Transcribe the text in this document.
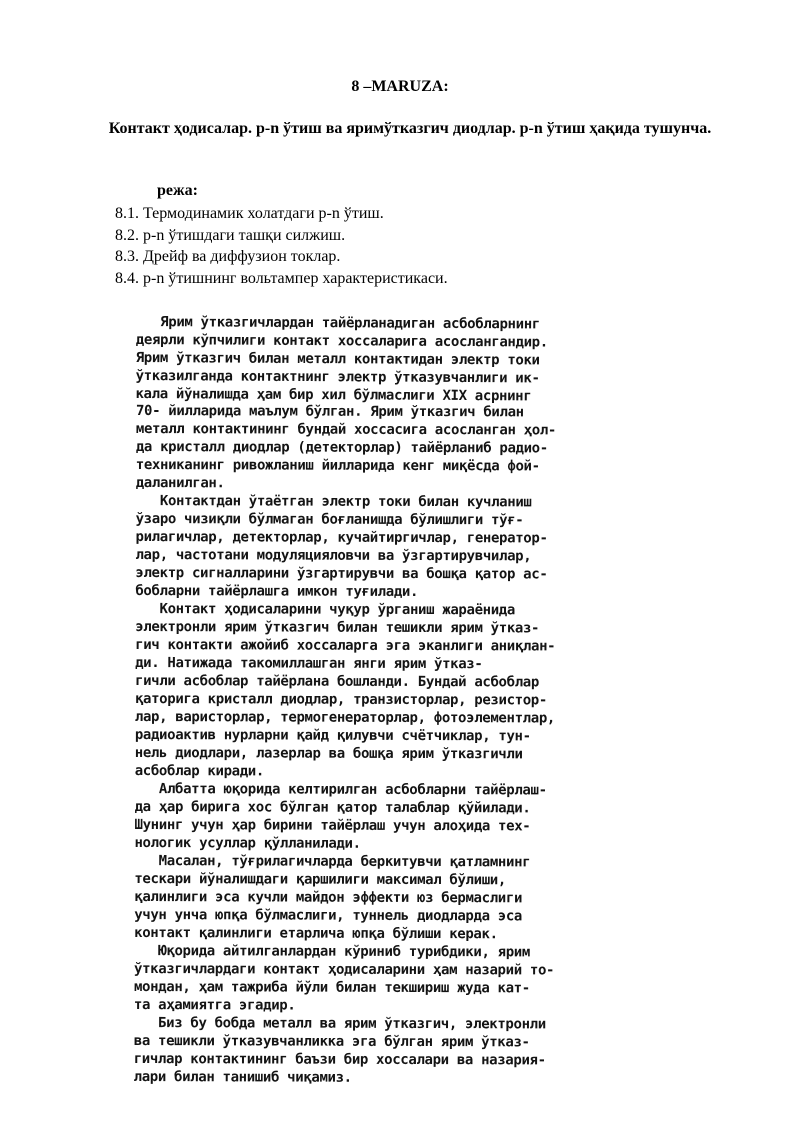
8 –MARUZA:
Контакт ҳодисалар. p-n ўтиш ва яримўтказгич диодлар. p-n ўтиш ҳақида тушунча.
режа:
8.1. Термодинамик холатдаги p-n ўтиш.
8.2. p-n ўтишдаги ташқи силжиш.
8.3. Дрейф ва диффузион токлар.
8.4. p-n ўтишнинг вольтампер характеристикаси.
Ярим ўтказгичлардан тайёрланадиган асбобларнинг
деярли кўпчилиги контакт хоссаларига асослангандир.
Ярим ўтказгич билан металл контактидан электр токи
ўтказилганда контактнинг электр ўтказувчанлиги ик-
кала йўналишда ҳам бир хил бўлмаслиги XIX асрнинг
70- йилларида маълум бўлган. Ярим ўтказгич билан
металл контактининг бундай хоссасига асосланган ҳол-
да кристалл диодлар (детекторлар) тайёрланиб радио-
техниканинг ривожланиш йилларида кенг миқёсда фой-
даланилган.
Контактдан ўтаётган электр токи билан кучланиш
ўзаро чизиқли бўлмаган боғланишда бўлишлиги тўғ-
рилагичлар, детекторлар, кучайтиргичлар, генератор-
лар, частотани модуляцияловчи ва ўзгартирувчилар,
электр сигналларини ўзгартирувчи ва бошқа қатор ас-
бобларни тайёрлашга имкон туғилади.
Контакт ҳодисаларини чуқур ўрганиш жараёнида
электронли ярим ўтказгич билан тешикли ярим ўтказ-
гич контакти ажойиб хоссаларга эга эканлиги аниқлан-
ди. Натижада такомиллашган янги ярим ўтказ-
гичли асбоблар тайёрлана бошланди. Бундай асбоблар
қаторига кристалл диодлар, транзисторлар, резистор-
лар, варисторлар, термогенераторлар, фотоэлементлар,
радиоактив нурларни қайд қилувчи счётчиклар, тун-
нель диодлари, лазерлар ва бошқа ярим ўтказгичли
асбоблар киради.
Албатта юқорида келтирилган асбобларни тайёрлаш-
да ҳар бирига хос бўлган қатор талаблар қўйилади.
Шунинг учун ҳар бирини тайёрлаш учун алоҳида тех-
нологик усуллар қўлланилади.
Масалан, тўғрилагичларда беркитувчи қатламнинг
тескари йўналишдаги қаршилиги максимал бўлиши,
қалинлиги эса кучли майдон эффекти юз бермаслиги
учун унча юпқа бўлмаслиги, туннель диодларда эса
контакт қалинлиги етарлича юпқа бўлиши керак.
Юқорида айтилганлардан кўриниб турибдики, ярим
ўтказгичлардаги контакт ҳодисаларини ҳам назарий то-
мондан, ҳам тажриба йўли билан текшириш жуда кат-
та аҳамиятга эгадир.
Биз бу бобда металл ва ярим ўтказгич, электронли
ва тешикли ўтказувчанликка эга бўлган ярим ўтказ-
гичлар контактининг баъзи бир хоссалари ва назария-
лари билан танишиб чиқамиз.
